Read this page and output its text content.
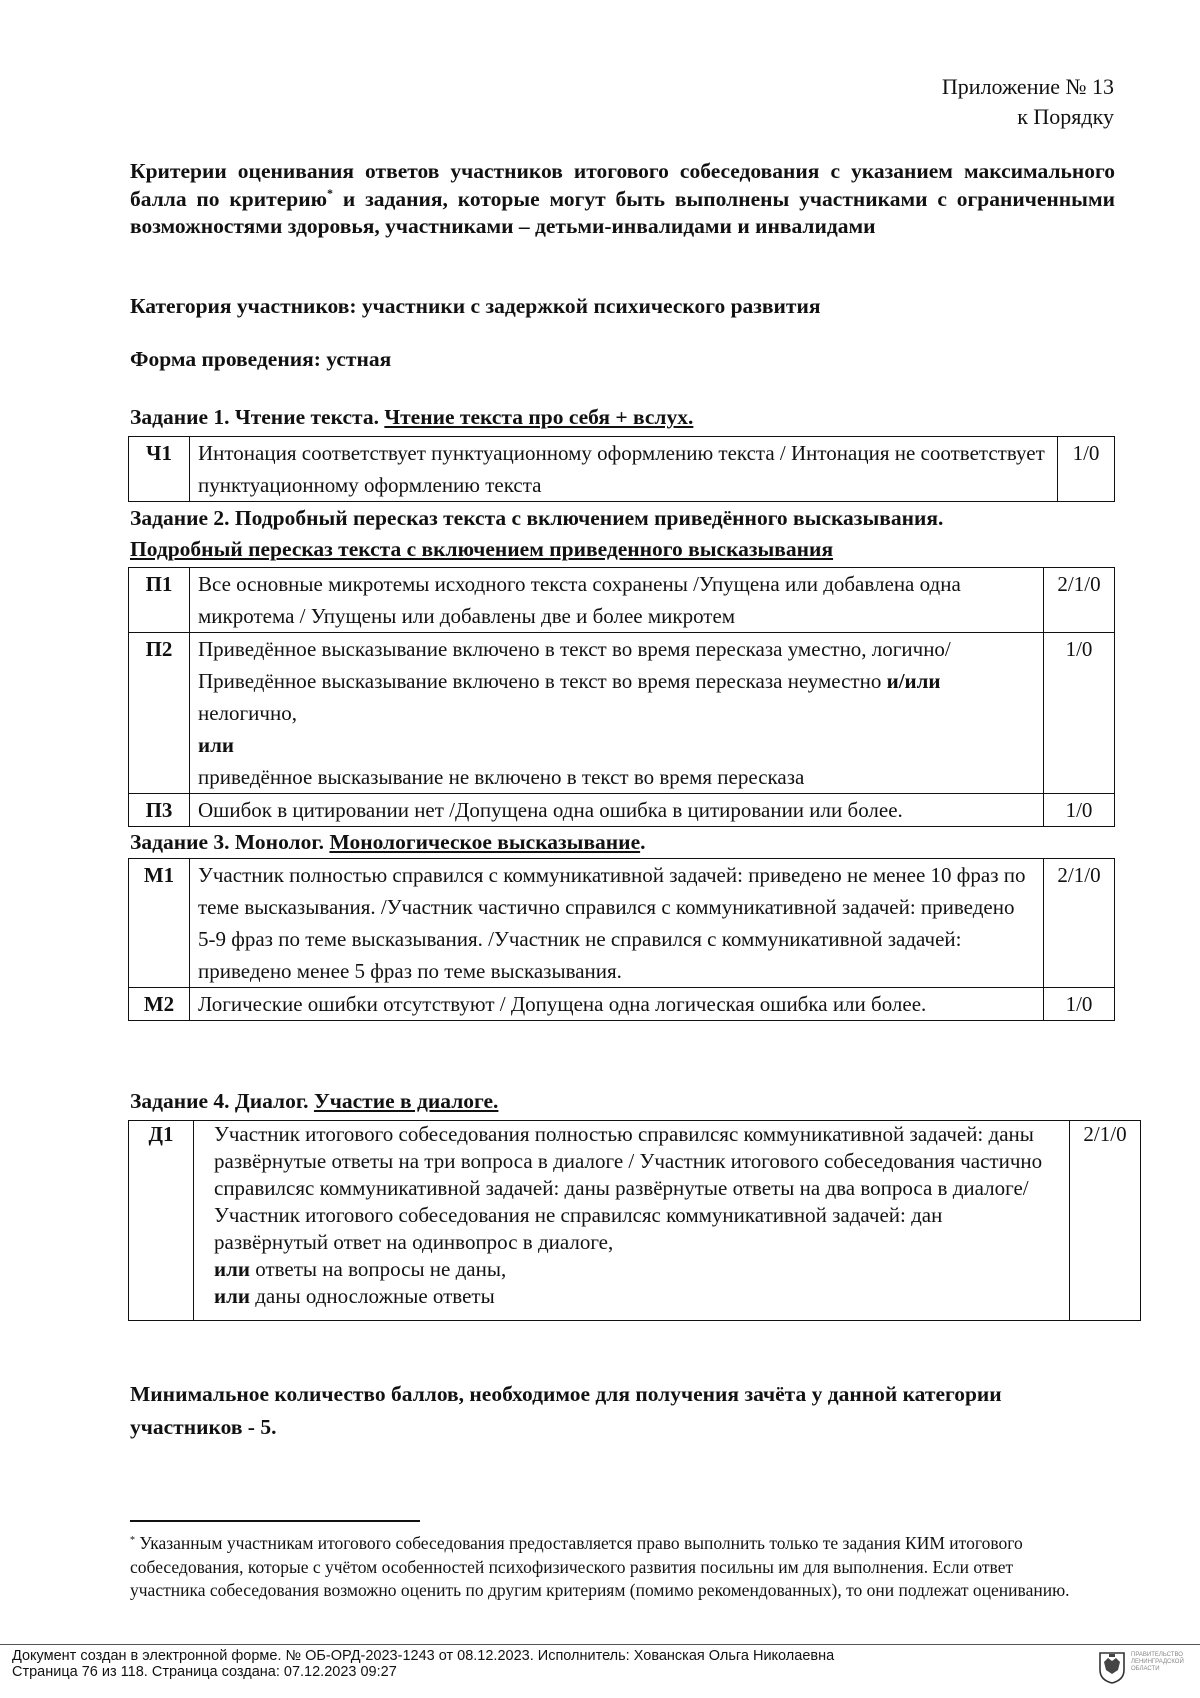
Приложение № 13
к Порядку
Критерии оценивания ответов участников итогового собеседования с указанием максимального балла по критерию* и задания, которые могут быть выполнены участниками с ограниченными возможностями здоровья, участниками – детьми-инвалидами и инвалидами
Категория участников: участники с задержкой психического развития
Форма проведения: устная
Задание 1. Чтение текста. Чтение текста про себя + вслух.
Ч1	Интонация соответствует пунктуационному оформлению текста / Интонация не соответствует пунктуационному оформлению текста	1/0
Задание 2. Подробный пересказ текста с включением приведённого высказывания.
Подробный пересказ текста с включением приведенного высказывания
П1	Все основные микротемы исходного текста сохранены /Упущена или добавлена одна микротема / Упущены или добавлены две и более микротем	2/1/0
П2	Приведённое высказывание включено в текст во время пересказа уместно, логично/ Приведённое высказывание включено в текст во время пересказа неуместно и/или нелогично,
или
приведённое высказывание не включено в текст во время пересказа	1/0
П3	Ошибок в цитировании нет /Допущена одна ошибка в цитировании или более.	1/0
Задание 3. Монолог. Монологическое высказывание.
М1	Участник полностью справился с коммуникативной задачей: приведено не менее 10 фраз по теме высказывания. /Участник частично справился с коммуникативной задачей: приведено 5-9 фраз по теме высказывания. /Участник не справился с коммуникативной задачей: приведено менее 5 фраз по теме высказывания.	2/1/0
М2	Логические ошибки отсутствуют / Допущена одна логическая ошибка или более.	1/0
Задание 4. Диалог. Участие в диалоге.
Д1	Участник итогового собеседования полностью справилсяс коммуникативной задачей: даны развёрнутые ответы на три вопроса в диалоге / Участник итогового собеседования частично справилсяс коммуникативной задачей: даны развёрнутые ответы на два вопроса в диалоге/ Участник итогового собеседования не справилсяс коммуникативной задачей: дан развёрнутый ответ на одинвопрос в диалоге,
или ответы на вопросы не даны,
или даны односложные ответы	2/1/0
Минимальное количество баллов, необходимое для получения зачёта у данной категории участников - 5.
* Указанным участникам итогового собеседования предоставляется право выполнить только те задания КИМ итогового собеседования, которые с учётом особенностей психофизического развития посильны им для выполнения. Если ответ участника собеседования возможно оценить по другим критериям (помимо рекомендованных), то они подлежат оцениванию.
Документ создан в электронной форме. № ОБ-ОРД-2023-1243 от 08.12.2023. Исполнитель: Хованская Ольга Николаевна
Страница 76 из 118. Страница создана: 07.12.2023 09:27
ПРАВИТЕЛЬСТВО ЛЕНИНГРАДСКОЙ ОБЛАСТИ
